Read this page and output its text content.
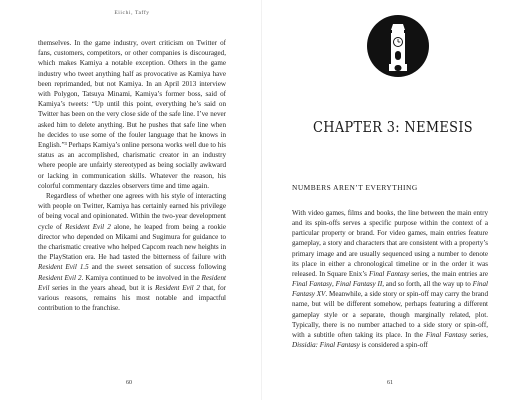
Eiichi, Taffy

themselves. In the game industry, overt criticism on Twitter of fans, customers, competitors, or other companies is discouraged, which makes Kamiya a notable exception. Others in the game industry who tweet anything half as provocative as Kamiya have been reprimanded, but not Kamiya. In an April 2013 interview with Polygon, Tatsuya Minami, Kamiya’s former boss, said of Kamiya’s tweets: “Up until this point, everything he’s said on Twitter has been on the very close side of the safe line. I’ve never asked him to delete anything. But he pushes that safe line when he decides to use some of the fouler language that he knows in English.”³ Perhaps Kamiya’s online persona works well due to his status as an accomplished, charismatic creator in an industry where people are unfairly stereotyped as being socially awkward or lacking in communication skills. Whatever the reason, his colorful commentary dazzles observers time and time again.

Regardless of whether one agrees with his style of interacting with people on Twitter, Kamiya has certainly earned his privilege of being vocal and opinionated. Within the two-year development cycle of Resident Evil 2 alone, he leaped from being a rookie director who depended on Mikami and Sugimura for guidance to the charismatic creative who helped Capcom reach new heights in the PlayStation era. He had tasted the bitterness of failure with Resident Evil 1.5 and the sweet sensation of success following Resident Evil 2. Kamiya continued to be involved in the Resident Evil series in the years ahead, but it is Resident Evil 2 that, for various reasons, remains his most notable and impactful contribution to the franchise.

60
CHAPTER 3: NEMESIS
NUMBERS AREN’T EVERYTHING

With video games, films and books, the line between the main entry and its spin-offs serves a specific purpose within the context of a particular property or brand. For video games, main entries feature gameplay, a story and characters that are consistent with a property’s primary image and are usually sequenced using a number to denote its place in either a chronological timeline or in the order it was released. In Square Enix’s Final Fantasy series, the main entries are Final Fantasy, Final Fantasy II, and so forth, all the way up to Final Fantasy XV. Meanwhile, a side story or spin-off may carry the brand name, but will be different somehow, perhaps featuring a different gameplay style or a separate, though marginally related, plot. Typically, there is no number attached to a side story or spin-off, with a subtitle often taking its place. In the Final Fantasy series, Dissidia: Final Fantasy is considered a spin-off

61
